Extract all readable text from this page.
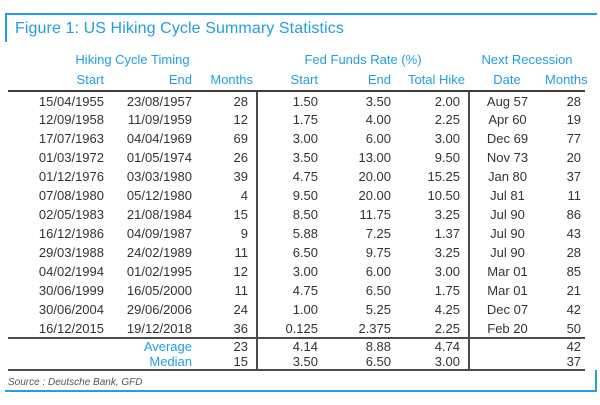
Figure 1: US Hiking Cycle Summary Statistics
Hiking Cycle Timing			Fed Funds Rate (%)			Next Recession	
Start	End	Months	Start	End	Total Hike	Date	Months
15/04/1955	23/08/1957	28	1.50	3.50	2.00	Aug 57	28
12/09/1958	11/09/1959	12	1.75	4.00	2.25	Apr 60	19
17/07/1963	04/04/1969	69	3.00	6.00	3.00	Dec 69	77
01/03/1972	01/05/1974	26	3.50	13.00	9.50	Nov 73	20
01/12/1976	03/03/1980	39	4.75	20.00	15.25	Jan 80	37
07/08/1980	05/12/1980	4	9.50	20.00	10.50	Jul 81	11
02/05/1983	21/08/1984	15	8.50	11.75	3.25	Jul 90	86
16/12/1986	04/09/1987	9	5.88	7.25	1.37	Jul 90	43
29/03/1988	24/02/1989	11	6.50	9.75	3.25	Jul 90	28
04/02/1994	01/02/1995	12	3.00	6.00	3.00	Mar 01	85
30/06/1999	16/05/2000	11	4.75	6.50	1.75	Mar 01	21
30/06/2004	29/06/2006	24	1.00	5.25	4.25	Dec 07	42
16/12/2015	19/12/2018	36	0.125	2.375	2.25	Feb 20	50
Average		23	4.14	8.88	4.74		42
Median		15	3.50	6.50	3.00		37
Source : Deutsche Bank, GFD
